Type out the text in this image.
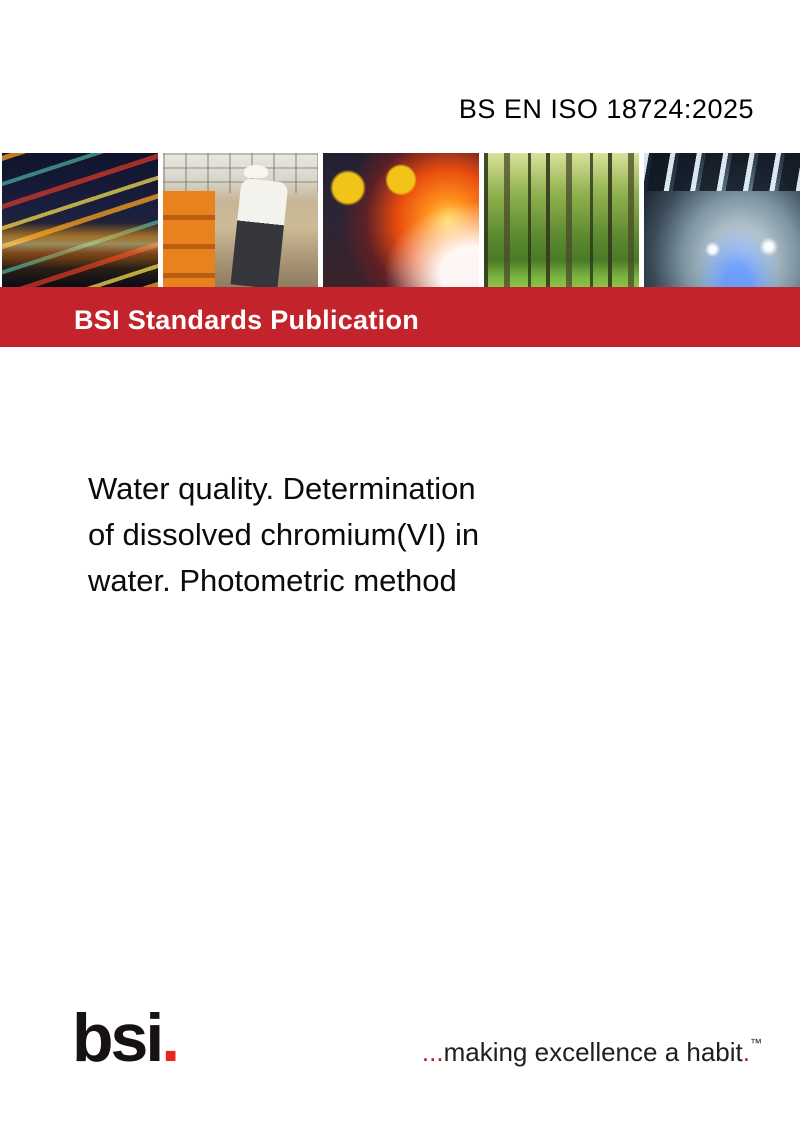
BS EN ISO 18724:2025
BSI Standards Publication
Water quality. Determination
of dissolved chromium(VI) in
water. Photometric method
bsi.	...making excellence a habit.™
